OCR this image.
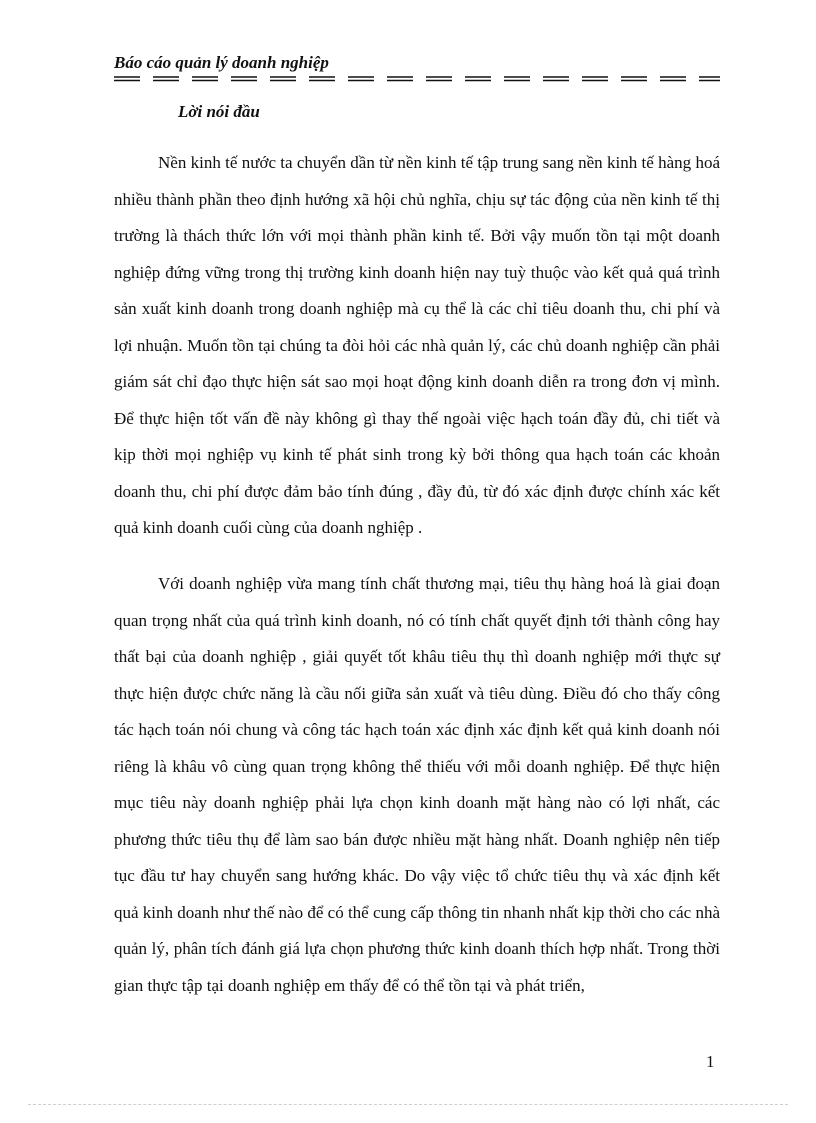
Báo cáo quản lý doanh nghiệp
Lời nói đầu

Nền kinh tế nước ta chuyển dần từ nền kinh tế tập trung sang nền kinh tế hàng hoá nhiều thành phần theo định hướng xã hội chủ nghĩa, chịu sự tác động của nền kinh tế thị trường là thách thức lớn với mọi thành phần kinh tế. Bởi vậy muốn tồn tại một doanh nghiệp đứng vững trong thị trường kinh doanh hiện nay tuỳ thuộc vào kết quả quá trình sản xuất kinh doanh trong doanh nghiệp mà cụ thể là các chỉ tiêu doanh thu, chi phí và lợi nhuận. Muốn tồn tại chúng ta đòi hỏi các nhà quản lý, các chủ doanh nghiệp cần phải giám sát chỉ đạo thực hiện sát sao mọi hoạt động kinh doanh diễn ra trong đơn vị mình. Để thực hiện tốt vấn đề này không gì thay thế ngoài việc hạch toán đầy đủ, chi tiết và kịp thời mọi nghiệp vụ kinh tế phát sinh trong kỳ bởi thông qua hạch toán các khoản doanh thu, chi phí được đảm bảo tính đúng , đầy đủ, từ đó xác định được chính xác kết quả kinh doanh cuối cùng của doanh nghiệp .

Với doanh nghiệp vừa mang tính chất thương mại, tiêu thụ hàng hoá là giai đoạn quan trọng nhất của quá trình kinh doanh, nó có tính chất quyết định tới thành công hay thất bại của doanh nghiệp , giải quyết tốt khâu tiêu thụ thì doanh nghiệp mới thực sự thực hiện được chức năng là cầu nối giữa sản xuất và tiêu dùng. Điều đó cho thấy công tác hạch toán nói chung và công tác hạch toán xác định xác định kết quả kinh doanh nói riêng là khâu vô cùng quan trọng không thể thiếu với mỗi doanh nghiệp. Để thực hiện mục tiêu này doanh nghiệp phải lựa chọn kinh doanh mặt hàng nào có lợi nhất, các phương thức tiêu thụ để làm sao bán được nhiều mặt hàng nhất. Doanh nghiệp nên tiếp tục đầu tư hay chuyển sang hướng khác. Do vậy việc tổ chức tiêu thụ và xác định kết quả kinh doanh như thế nào để có thể cung cấp thông tin nhanh nhất kịp thời cho các nhà quản lý, phân tích đánh giá lựa chọn phương thức kinh doanh thích hợp nhất. Trong thời gian thực tập tại doanh nghiệp em thấy để có thể tồn tại và phát triển,

1
